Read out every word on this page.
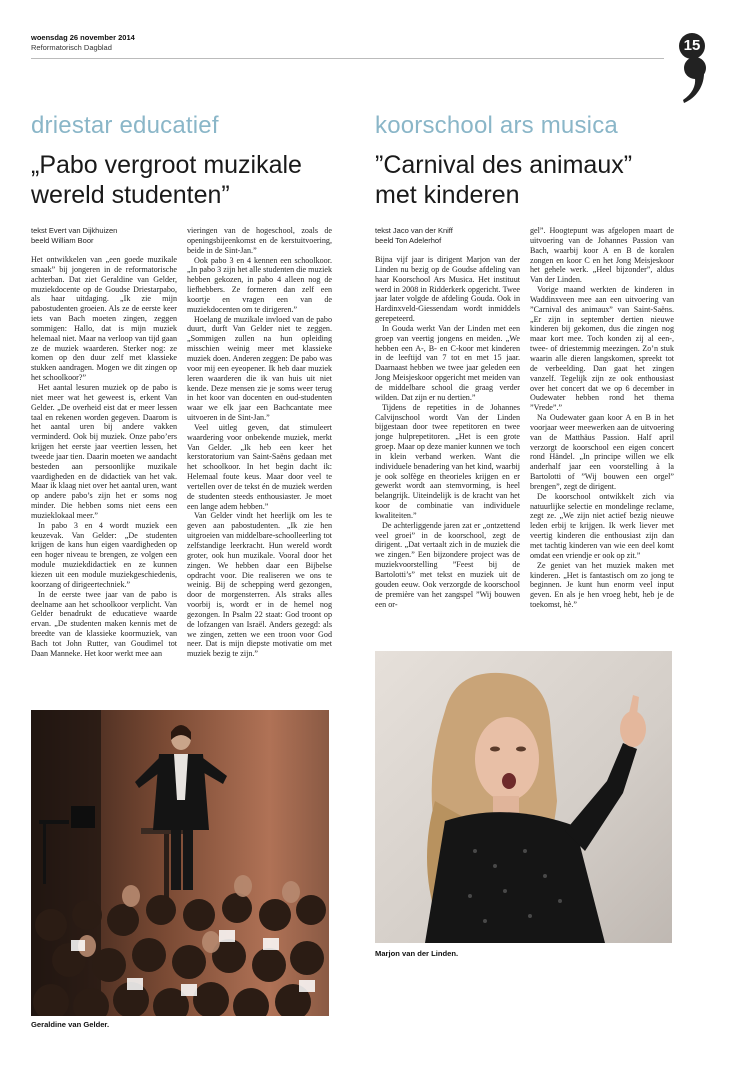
woensdag 26 november 2014
Reformatorisch Dagblad	15
driestar educatief
„Pabo vergroot muzikale wereld studenten”
tekst Evert van Dijkhuizen
beeld William Boor

Het ontwikkelen van „een goede muzikale smaak” bij jongeren in de reformatorische achterban. Dat ziet Geraldine van Gelder, muziekdocente op de Goudse Driestarpabo, als haar uitdaging. „Ik zie mijn pabostudenten groeien. Als ze de eerste keer iets van Bach moeten zingen, zeggen sommigen: Hallo, dat is mijn muziek helemaal niet. Maar na verloop van tijd gaan ze de muziek waarderen. Sterker nog: ze komen op den duur zelf met klassieke stukken aandragen. Mogen we dit zingen op het schoolkoor?”

Het aantal lesuren muziek op de pabo is niet meer wat het geweest is, erkent Van Gelder. „De overheid eist dat er meer lessen taal en rekenen worden gegeven. Daarom is het aantal uren bij andere vakken verminderd. Ook bij muziek. Onze pabo’ers krijgen het eerste jaar veertien lessen, het tweede jaar tien. Daarin moeten we aandacht besteden aan persoonlijke muzikale vaardigheden en de didactiek van het vak. Maar ik klaag niet over het aantal uren, want op andere pabo’s zijn het er soms nog minder. Die hebben soms niet eens een muzieklokaal meer.”

In pabo 3 en 4 wordt muziek een keuzevak. Van Gelder: „De studenten krijgen de kans hun eigen vaardigheden op een hoger niveau te brengen, ze volgen een module muziekdidactiek en ze kunnen kiezen uit een module muziekgeschiedenis, koorzang of dirigeertechniek.”

In de eerste twee jaar van de pabo is deelname aan het schoolkoor verplicht. Van Gelder benadrukt de educatieve waarde ervan. „De studenten maken kennis met de breedte van de klassieke koormuziek, van Bach tot John Rutter, van Goudimel tot Daan Manneke. Het koor werkt mee aan

vieringen van de hogeschool, zoals de openingsbijeenkomst en de kerstuitvoering, beide in de Sint-Jan.”

Ook pabo 3 en 4 kennen een schoolkoor. „In pabo 3 zijn het alle studenten die muziek hebben gekozen, in pabo 4 alleen nog de liefhebbers. Ze formeren dan zelf een koortje en vragen een van de muziekdocenten om te dirigeren.”

Hoelang de muzikale invloed van de pabo duurt, durft Van Gelder niet te zeggen. „Sommigen zullen na hun opleiding misschien weinig meer met klassieke muziek doen. Anderen zeggen: De pabo was voor mij een eyeopener. Ik heb daar muziek leren waarderen die ik van huis uit niet kende. Deze mensen zie je soms weer terug in het koor van docenten en oud-studenten waar we elk jaar een Bachcantate mee uitvoeren in de Sint-Jan.”

Veel uitleg geven, dat stimuleert waardering voor onbekende muziek, merkt Van Gelder. „Ik heb een keer het kerstoratorium van Saint-Saëns gedaan met het schoolkoor. In het begin dacht ik: Helemaal foute keus. Maar door veel te vertellen over de tekst én de muziek werden de studenten steeds enthousiaster. Je moet een lange adem hebben.”

Van Gelder vindt het heerlijk om les te geven aan pabostudenten. „Ik zie hen uitgroeien van middelbare-schoolleerling tot zelfstandige leerkracht. Hun wereld wordt groter, ook hun muzikale. Vooral door het zingen. We hebben daar een Bijbelse opdracht voor. Die realiseren we ons te weinig. Bij de schepping werd gezongen, door de morgensterren. Als straks alles voorbij is, wordt er in de hemel nog gezongen. In Psalm 22 staat: God troont op de lofzangen van Israël. Anders gezegd: als we zingen, zetten we een troon voor God neer. Dat is mijn diepste motivatie om met muziek bezig te zijn.”

Geraldine van Gelder.
koorschool ars musica
”Carnival des animaux” met kinderen
tekst Jaco van der Kniff
beeld Ton Adelerhof

Bijna vijf jaar is dirigent Marjon van der Linden nu bezig op de Goudse afdeling van haar Koorschool Ars Musica. Het instituut werd in 2008 in Ridderkerk opgericht. Twee jaar later volgde de afdeling Gouda. Ook in Hardinxveld-Giessendam wordt inmiddels gerepeteerd.

In Gouda werkt Van der Linden met een groep van veertig jongens en meiden. „We hebben een A-, B- en C-koor met kinderen in de leeftijd van 7 tot en met 15 jaar. Daarnaast hebben we twee jaar geleden een Jong Meisjeskoor opgericht met meiden van de middelbare school die graag verder wilden. Dat zijn er nu dertien.”

Tijdens de repetities in de Johannes Calvijnschool wordt Van der Linden bijgestaan door twee repetitoren en twee jonge hulprepetitoren. „Het is een grote groep. Maar op deze manier kunnen we toch in klein verband werken. Want die individuele benadering van het kind, waarbij je ook solfège en theorieles krijgen en er gewerkt wordt aan stemvorming, is heel belangrijk. Uiteindelijk is de kracht van het koor de combinatie van individuele kwaliteiten.”

De achterliggende jaren zat er „ontzettend veel groei” in de koorschool, zegt de dirigent. „Dat vertaalt zich in de muziek die we zingen.” Een bijzondere project was de muziekvoorstelling ”Feest bij de Bartolotti’s” met tekst en muziek uit de gouden eeuw. Ook verzorgde de koorschool de première van het zangspel ”Wij bouwen een or-

gel”. Hoogtepunt was afgelopen maart de uitvoering van de Johannes Passion van Bach, waarbij koor A en B de koralen zongen en koor C en het Jong Meisjeskoor het gehele werk. „Heel bijzonder”, aldus Van der Linden.

Vorige maand werkten de kinderen in Waddinxveen mee aan een uitvoering van ”Carnival des animaux” van Saint-Saëns. „Er zijn in september dertien nieuwe kinderen bij gekomen, dus die zingen nog maar kort mee. Toch konden zij al een-, twee- of driestemmig meezingen. Zo’n stuk waarin alle dieren langskomen, spreekt tot de verbeelding. Dan gaat het zingen vanzelf. Tegelijk zijn ze ook enthousiast over het concert dat we op 6 december in Oudewater hebben rond het thema ”Vrede”.”

Na Oudewater gaan koor A en B in het voorjaar weer meewerken aan de uitvoering van de Matthäus Passion. Half april verzorgt de koorschool een eigen concert rond Händel. „In principe willen we elk anderhalf jaar een voorstelling à la Bartolotti of ”Wij bouwen een orgel” brengen”, zegt de dirigent.

De koorschool ontwikkelt zich via natuurlijke selectie en mondelinge reclame, zegt ze. „We zijn niet actief bezig nieuwe leden erbij te krijgen. Ik werk liever met veertig kinderen die enthousiast zijn dan met tachtig kinderen van wie een deel komt omdat een vriendje er ook op zit.”

Ze geniet van het muziek maken met kinderen. „Het is fantastisch om zo jong te beginnen. Je kunt hun enorm veel input geven. En als je hen vroeg hebt, heb je de toekomst, hè.”

Marjon van der Linden.
